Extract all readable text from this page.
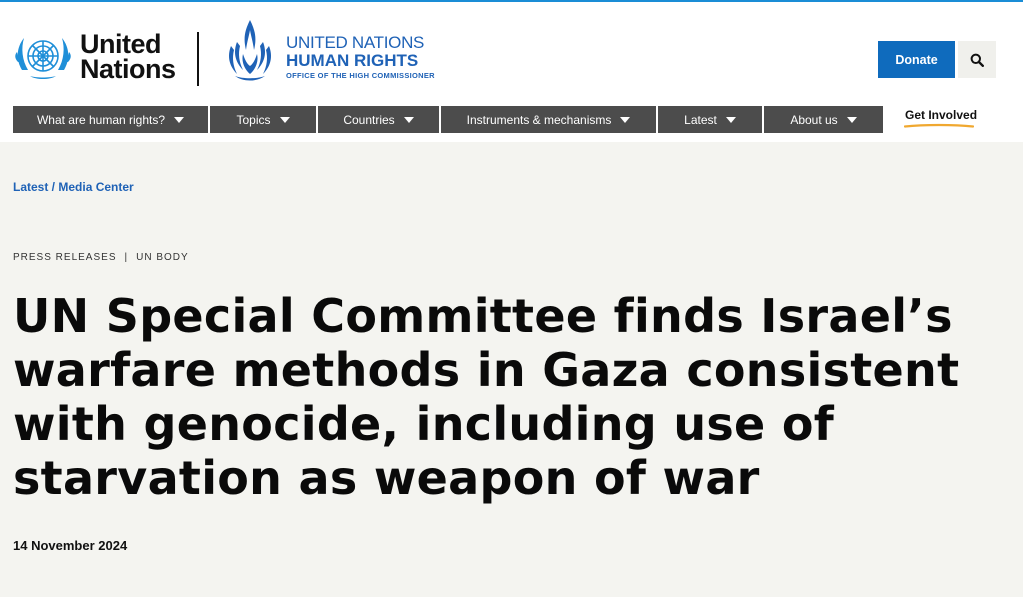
United
Nations
UNITED NATIONS
HUMAN RIGHTS
OFFICE OF THE HIGH COMMISSIONER
Donate
What are human rights?	Topics	Countries	Instruments & mechanisms	Latest	About us	Get Involved
Latest / Media Center
PRESS RELEASES | UN BODY
UN Special Committee finds Israel’s warfare methods in Gaza consistent with genocide, including use of starvation as weapon of war
14 November 2024
